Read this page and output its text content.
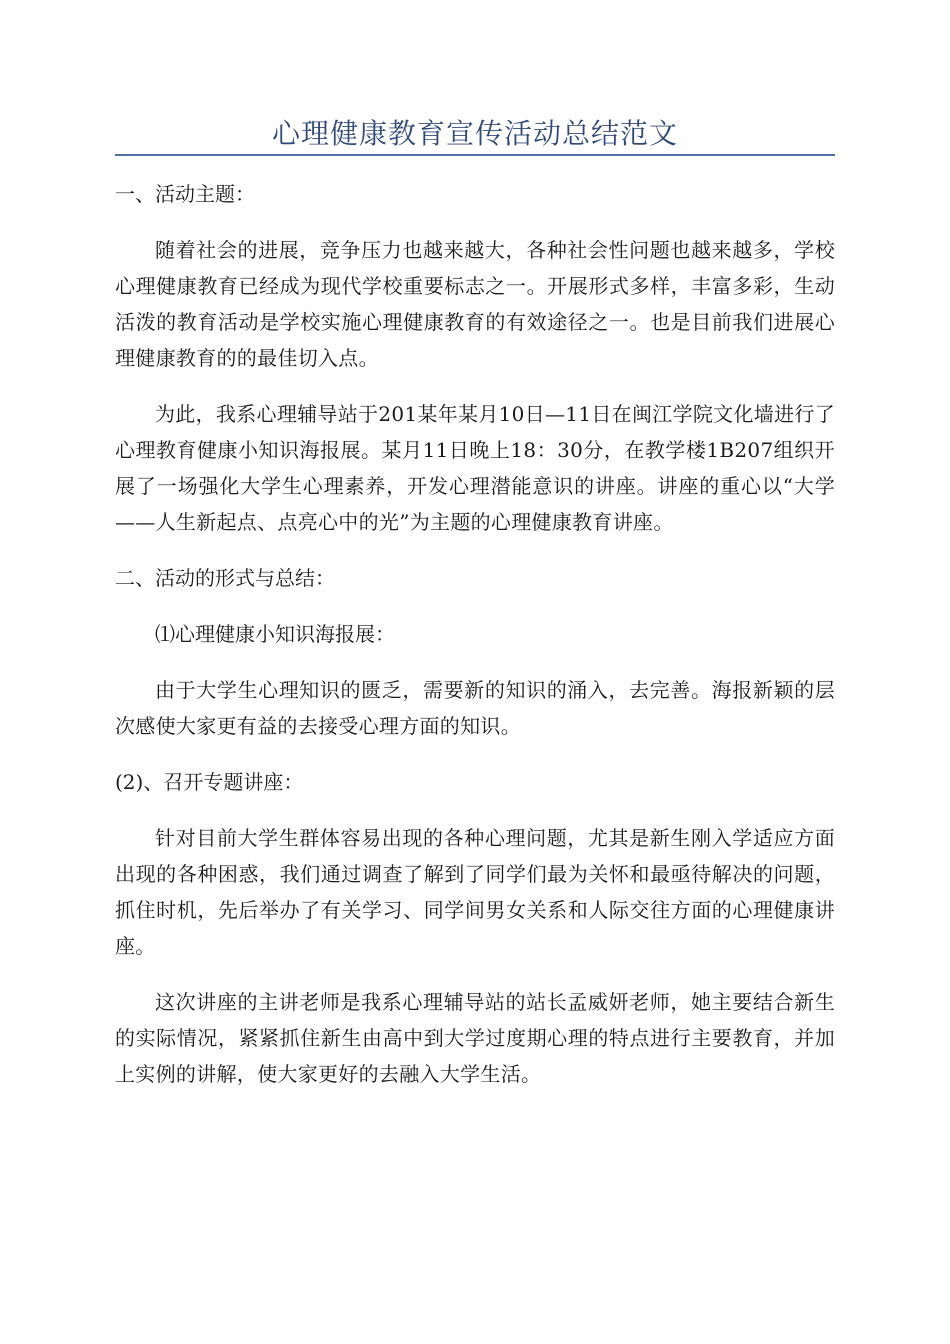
心理健康教育宣传活动总结范文

一、活动主题：

随着社会的进展，竞争压力也越来越大，各种社会性问题也越来越多，学校心理健康教育已经成为现代学校重要标志之一。开展形式多样，丰富多彩，生动活泼的教育活动是学校实施心理健康教育的有效途径之一。也是目前我们进展心理健康教育的的最佳切入点。

为此，我系心理辅导站于201某年某月10日—11日在闽江学院文化墙进行了心理教育健康小知识海报展。某月11日晚上18：30分，在教学楼1B207组织开展了一场强化大学生心理素养，开发心理潜能意识的讲座。讲座的重心以“大学——人生新起点、点亮心中的光”为主题的心理健康教育讲座。

二、活动的形式与总结：

⑴心理健康小知识海报展：

由于大学生心理知识的匮乏，需要新的知识的涌入，去完善。海报新颖的层次感使大家更有益的去接受心理方面的知识。

(2)、召开专题讲座：

针对目前大学生群体容易出现的各种心理问题，尤其是新生刚入学适应方面出现的各种困惑，我们通过调查了解到了同学们最为关怀和最亟待解决的问题，抓住时机，先后举办了有关学习、同学间男女关系和人际交往方面的心理健康讲座。

这次讲座的主讲老师是我系心理辅导站的站长孟威妍老师，她主要结合新生的实际情况，紧紧抓住新生由高中到大学过度期心理的特点进行主要教育，并加上实例的讲解，使大家更好的去融入大学生活。
